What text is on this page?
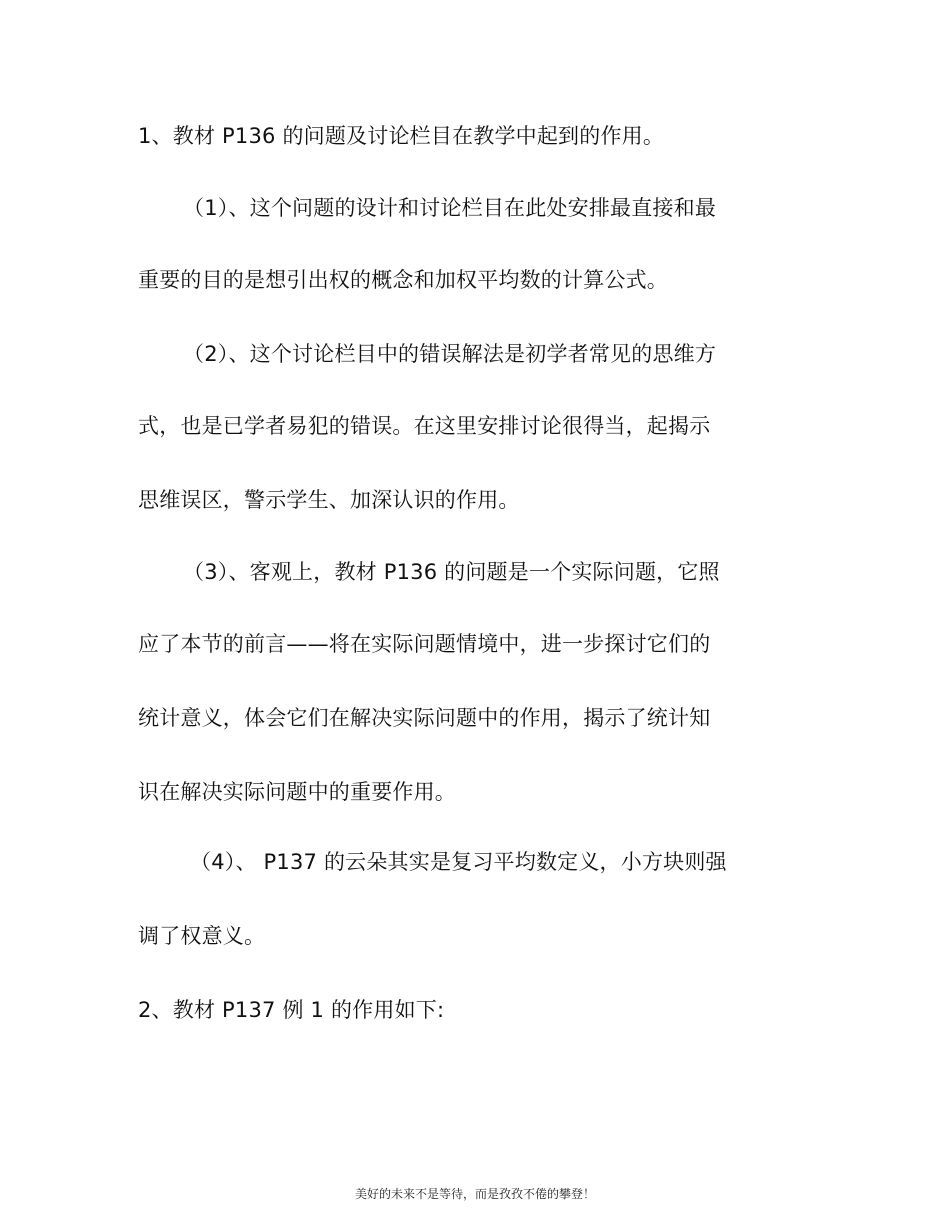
1、教材 P136 的问题及讨论栏目在教学中起到的作用。
（1）、这个问题的设计和讨论栏目在此处安排最直接和最
重要的目的是想引出权的概念和加权平均数的计算公式。
（2）、这个讨论栏目中的错误解法是初学者常见的思维方
式，也是已学者易犯的错误。在这里安排讨论很得当，起揭示
思维误区，警示学生、加深认识的作用。
（3）、客观上，教材 P136 的问题是一个实际问题，它照
应了本节的前言——将在实际问题情境中，进一步探讨它们的
统计意义，体会它们在解决实际问题中的作用，揭示了统计知
识在解决实际问题中的重要作用。
（4）、 P137 的云朵其实是复习平均数定义，小方块则强
调了权意义。
2、教材 P137 例 1 的作用如下:
美好的未来不是等待，而是孜孜不倦的攀登！
